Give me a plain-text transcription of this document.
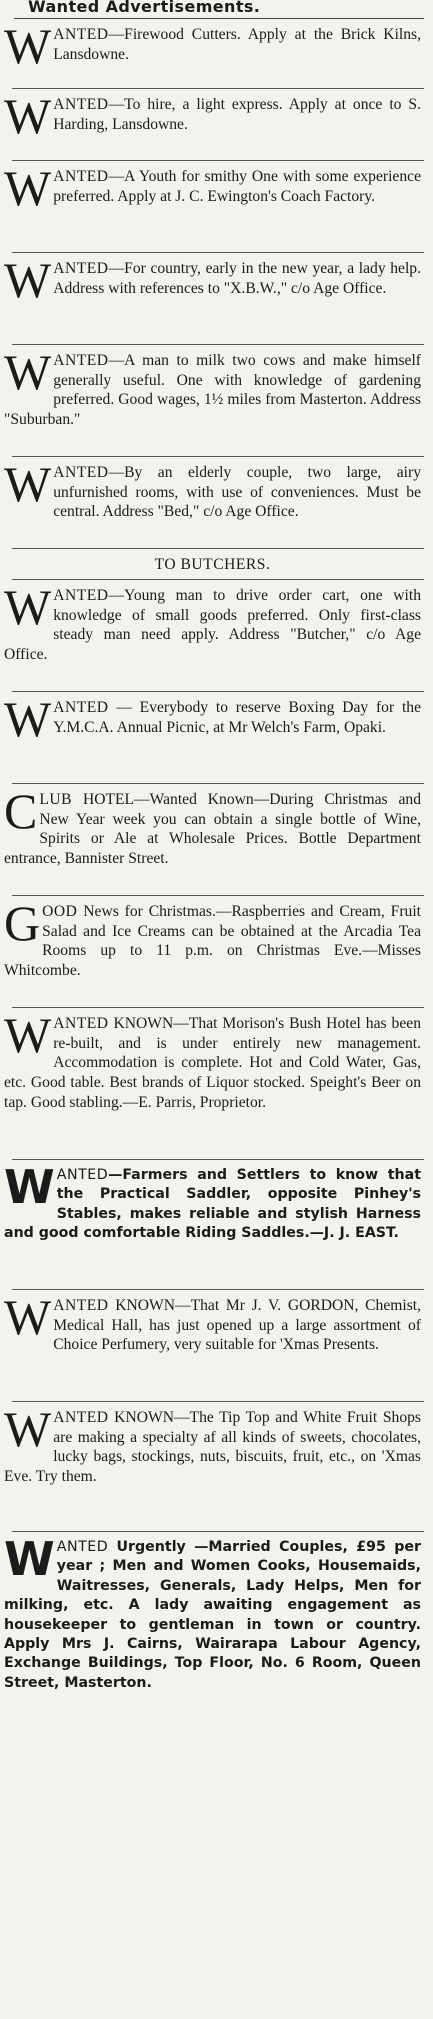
Wanted Advertisements.
WANTED—Firewood Cutters. Apply at the Brick Kilns, Lansdowne.
WANTED—To hire, a light express. Apply at once to S. Harding, Lansdowne.
WANTED—A Youth for smithy One with some experience preferred. Apply at J. C. Ewington's Coach Factory.
WANTED—For country, early in the new year, a lady help. Address with references to "X.B.W.," c/o Age Office.
WANTED—A man to milk two cows and make himself generally useful. One with knowledge of gardening preferred. Good wages, 1½ miles from Masterton. Address "Suburban."
WANTED—By an elderly couple, two large, airy unfurnished rooms, with use of conveniences. Must be central. Address "Bed," c/o Age Office.
TO BUTCHERS.
WANTED—Young man to drive order cart, one with knowledge of small goods preferred. Only first-class steady man need apply. Address "Butcher," c/o Age Office.
WANTED — Everybody to reserve Boxing Day for the Y.M.C.A. Annual Picnic, at Mr Welch's Farm, Opaki.
CLUB HOTEL—Wanted Known—During Christmas and New Year week you can obtain a single bottle of Wine, Spirits or Ale at Wholesale Prices. Bottle Department entrance, Bannister Street.
GOOD News for Christmas.—Raspberries and Cream, Fruit Salad and Ice Creams can be obtained at the Arcadia Tea Rooms up to 11 p.m. on Christmas Eve.—Misses Whitcombe.
WANTED KNOWN—That Morison's Bush Hotel has been re-built, and is under entirely new management. Accommodation is complete. Hot and Cold Water, Gas, etc. Good table. Best brands of Liquor stocked. Speight's Beer on tap. Good stabling.—E. Parris, Proprietor.
WANTED—Farmers and Settlers to know that the Practical Saddler, opposite Pinhey's Stables, makes reliable and stylish Harness and good comfortable Riding Saddles.—J. J. EAST.
WANTED KNOWN—That Mr J. V. GORDON, Chemist, Medical Hall, has just opened up a large assortment of Choice Perfumery, very suitable for 'Xmas Presents.
WANTED KNOWN—The Tip Top and White Fruit Shops are making a specialty af all kinds of sweets, chocolates, lucky bags, stockings, nuts, biscuits, fruit, etc., on 'Xmas Eve. Try them.
WANTED Urgently —Married Couples, £95 per year ; Men and Women Cooks, Housemaids, Waitresses, Generals, Lady Helps, Men for milking, etc. A lady awaiting engagement as housekeeper to gentleman in town or country. Apply Mrs J. Cairns, Wairarapa Labour Agency, Exchange Buildings, Top Floor, No. 6 Room, Queen Street, Masterton.
